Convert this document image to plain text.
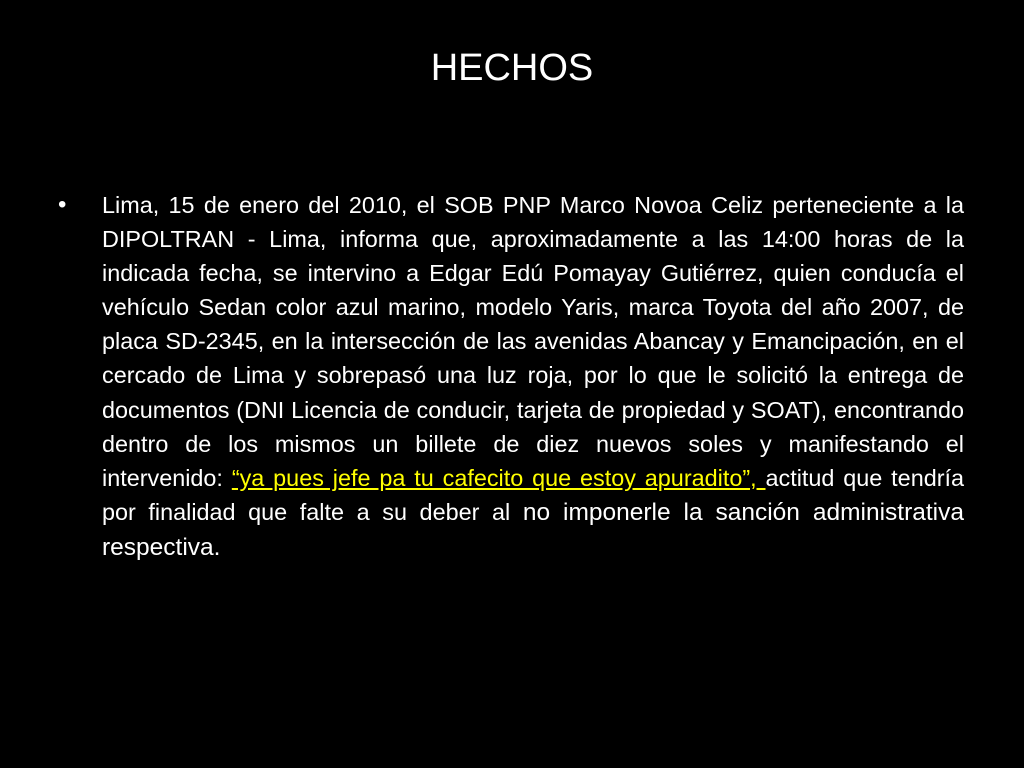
HECHOS
• Lima, 15 de enero del 2010, el SOB PNP Marco Novoa Celiz perteneciente a la DIPOLTRAN - Lima, informa que, aproximadamente a las 14:00 horas de la indicada fecha, se intervino a Edgar Edú Pomayay Gutiérrez, quien conducía el vehículo Sedan color azul marino, modelo Yaris, marca Toyota del año 2007, de placa SD-2345, en la intersección de las avenidas Abancay y Emancipación, en el cercado de Lima y sobrepasó una luz roja, por lo que le solicitó la entrega de documentos (DNI Licencia de conducir, tarjeta de propiedad y SOAT), encontrando dentro de los mismos un billete de diez nuevos soles y manifestando el intervenido: “ya pues jefe pa tu cafecito que estoy apuradito”, actitud que tendría por finalidad que falte a su deber al no imponerle la sanción administrativa respectiva.
